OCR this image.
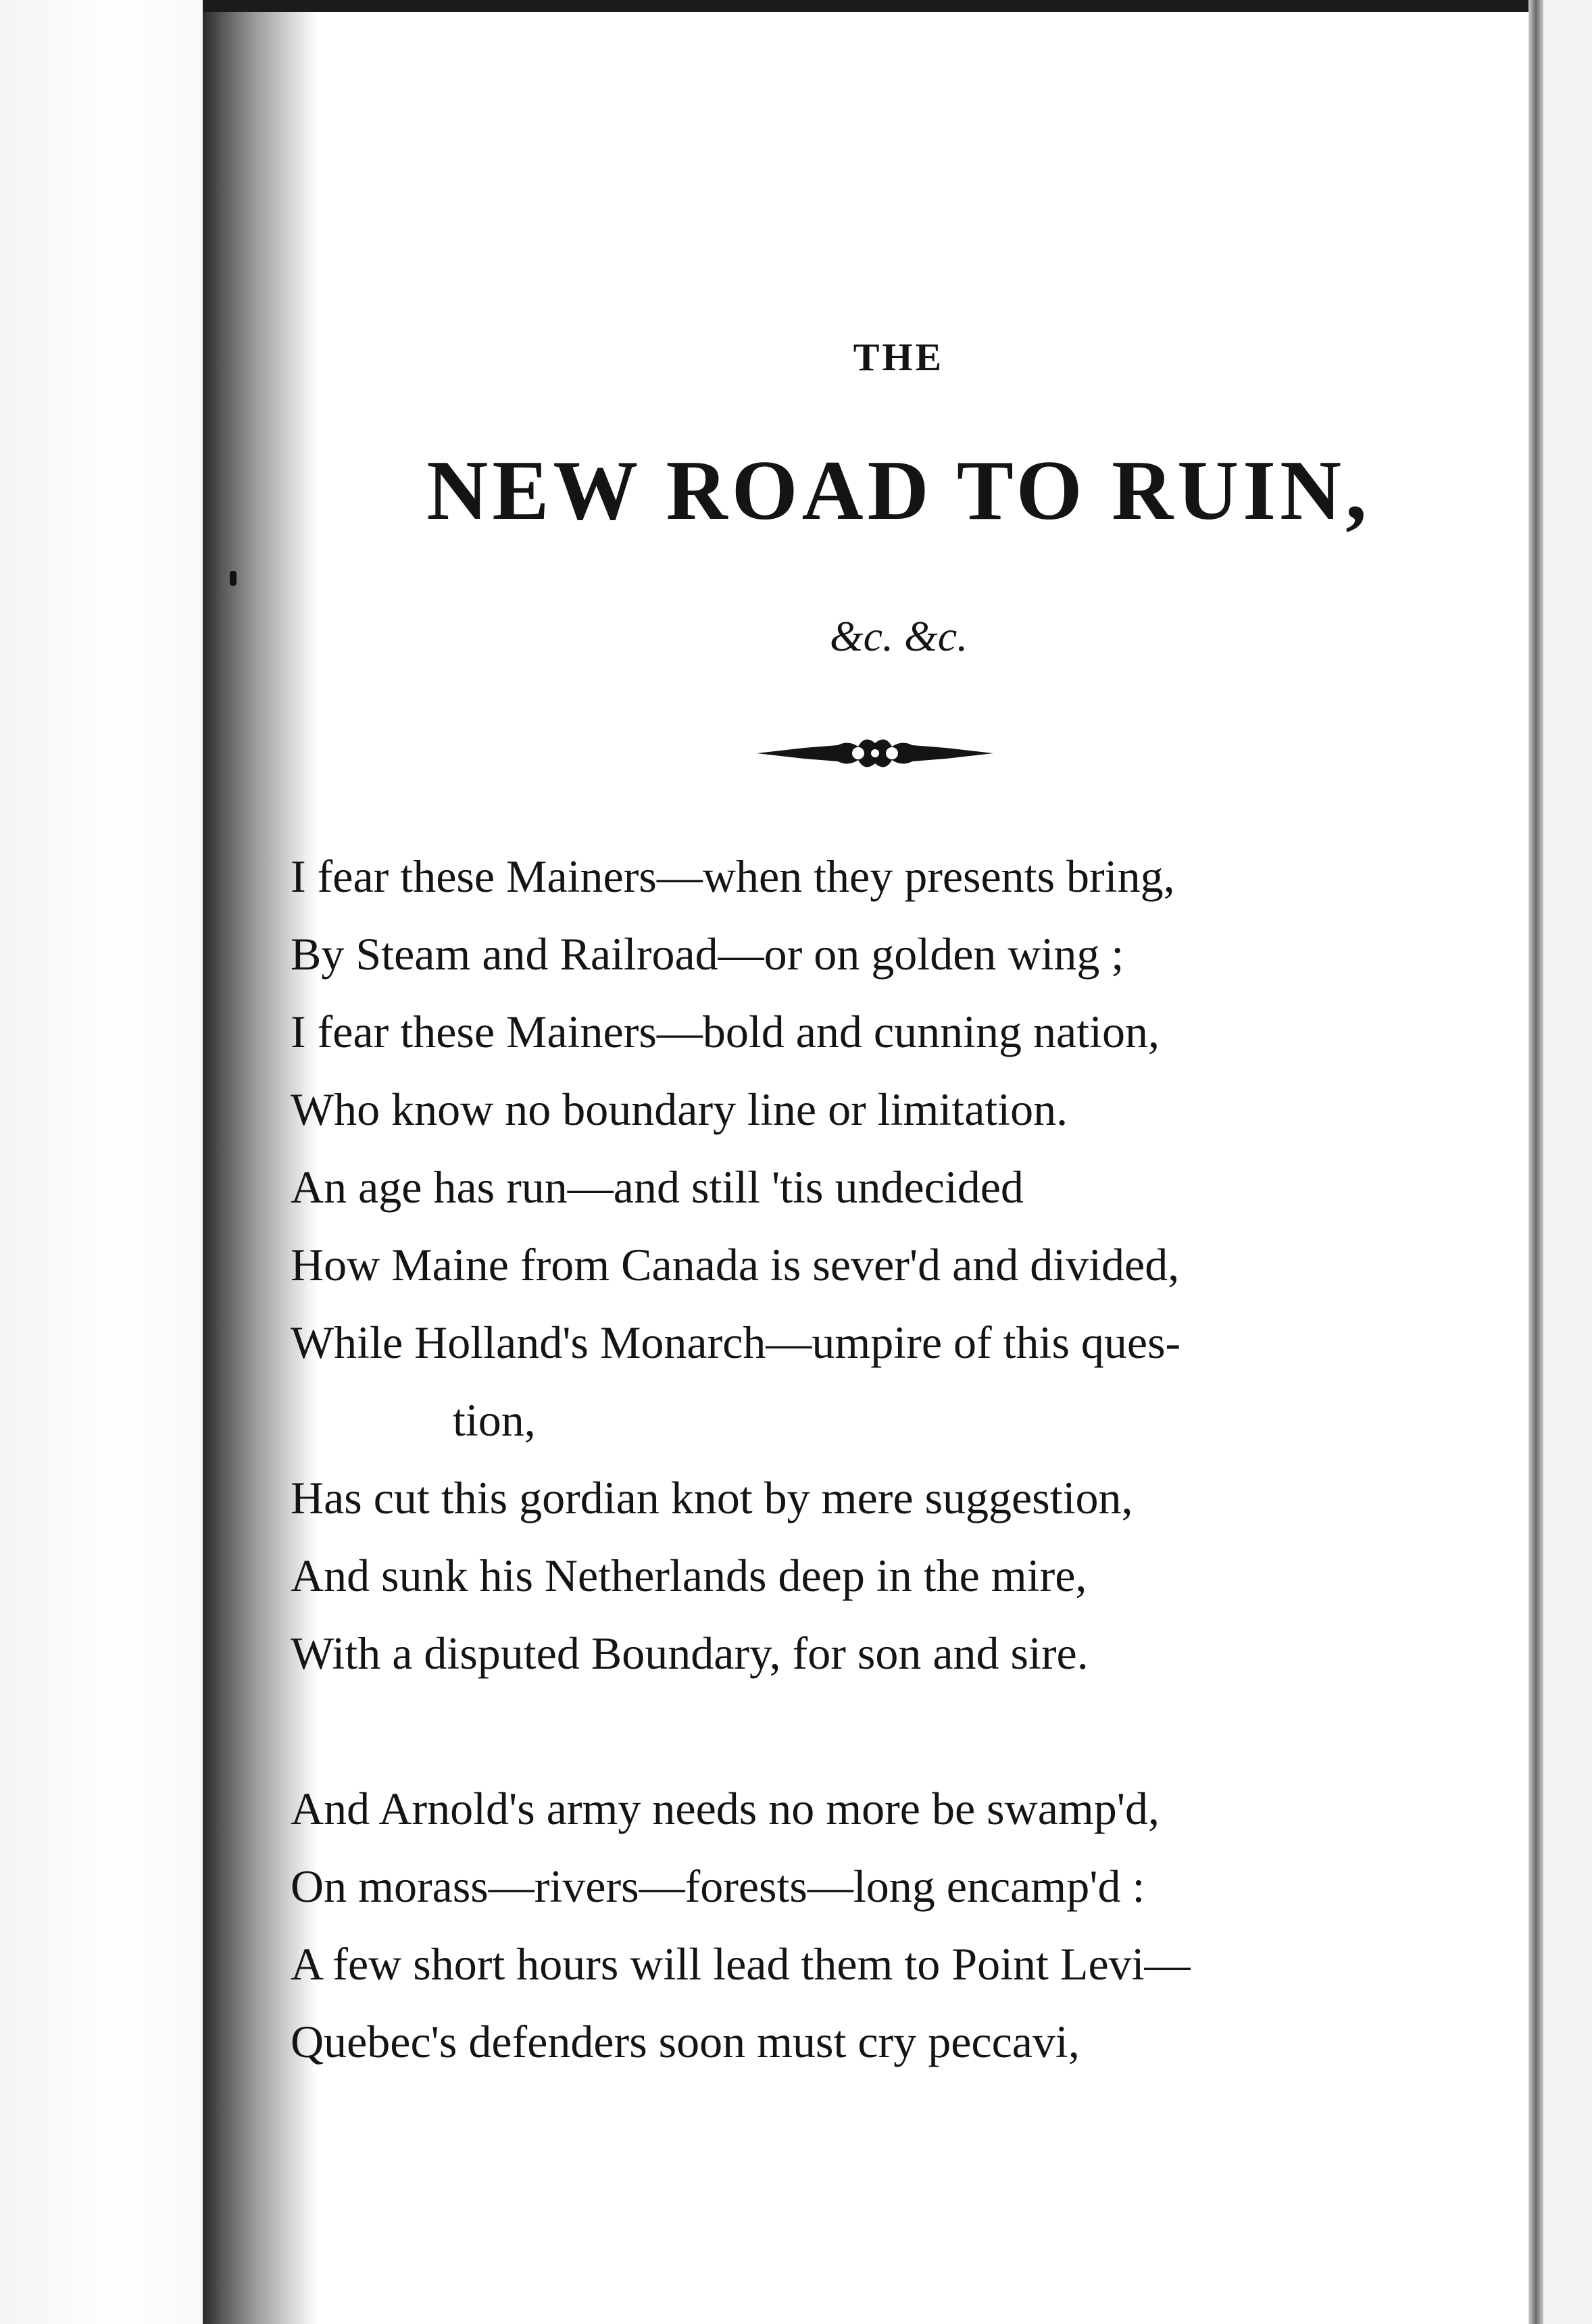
THE
NEW ROAD TO RUIN,
&c. &c.
I fear these Mainers—when they presents bring,
By Steam and Railroad—or on golden wing ;
I fear these Mainers—bold and cunning nation,
Who know no boundary line or limitation.
An age has run—and still 'tis undecided
How Maine from Canada is sever'd and divided,
While Holland's Monarch—umpire of this ques-
tion,
Has cut this gordian knot by mere suggestion,
And sunk his Netherlands deep in the mire,
With a disputed Boundary, for son and sire.
And Arnold's army needs no more be swamp'd,
On morass—rivers—forests—long encamp'd :
A few short hours will lead them to Point Levi—
Quebec's defenders soon must cry peccavi,
